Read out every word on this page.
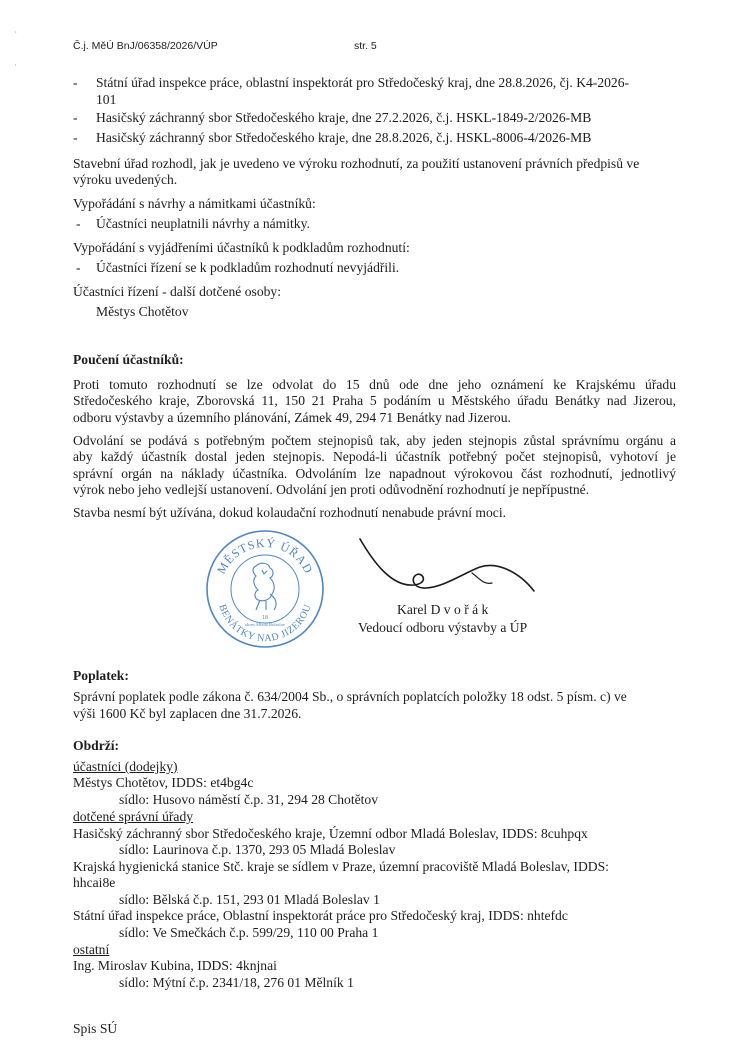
ˋ
·
Č.j. MěÚ BnJ/06358/2026/VÚP	str. 5
- Státní úřad inspekce práce, oblastní inspektorát pro Středočeský kraj, dne 28.8.2026, čj. K4-2026-
101
- Hasičský záchranný sbor Středočeského kraje, dne 27.2.2026, č.j. HSKL-1849-2/2026-MB
- Hasičský záchranný sbor Středočeského kraje, dne 28.8.2026, č.j. HSKL-8006-4/2026-MB
Stavební úřad rozhodl, jak je uvedeno ve výroku rozhodnutí, za použití ustanovení právních předpisů ve
výroku uvedených.
Vypořádání s návrhy a námitkami účastníků:
- Účastníci neuplatnili návrhy a námitky.
Vypořádání s vyjádřeními účastníků k podkladům rozhodnutí:
- Účastníci řízení se k podkladům rozhodnutí nevyjádřili.
Účastníci řízení - další dotčené osoby:
Městys Chotětov
Poučení účastníků:
Proti tomuto rozhodnutí se lze odvolat do 15 dnů ode dne jeho oznámení ke Krajskému úřadu
Středočeského kraje, Zborovská 11, 150 21 Praha 5 podáním u Městského úřadu Benátky nad Jizerou,
odboru výstavby a územního plánování, Zámek 49, 294 71 Benátky nad Jizerou.
Odvolání se podává s potřebným počtem stejnopisů tak, aby jeden stejnopis zůstal správnímu orgánu a
aby každý účastník dostal jeden stejnopis. Nepodá-li účastník potřebný počet stejnopisů, vyhotoví je
správní orgán na náklady účastníka. Odvoláním lze napadnout výrokovou část rozhodnutí, jednotlivý
výrok nebo jeho vedlejší ustanovení. Odvolání jen proti odůvodnění rozhodnutí je nepřípustné.
Stavba nesmí být užívána, dokud kolaudační rozhodnutí nenabude právní moci.
MĚSTSKÝ ÚŘAD
BENÁTKY NAD JIZEROU
18
okres Mladá Boleslav
Karel D v o ř á k
Vedoucí odboru výstavby a ÚP
Poplatek:
Správní poplatek podle zákona č. 634/2004 Sb., o správních poplatcích položky 18 odst. 5 písm. c) ve
výši 1600 Kč byl zaplacen dne 31.7.2026.
Obdrží:
účastníci (dodejky)
Městys Chotětov, IDDS: et4bg4c
sídlo: Husovo náměstí č.p. 31, 294 28 Chotětov
dotčené správní úřady
Hasičský záchranný sbor Středočeského kraje, Územní odbor Mladá Boleslav, IDDS: 8cuhpqx
sídlo: Laurinova č.p. 1370, 293 05 Mladá Boleslav
Krajská hygienická stanice Stč. kraje se sídlem v Praze, územní pracoviště Mladá Boleslav, IDDS:
hhcai8e
sídlo: Bělská č.p. 151, 293 01 Mladá Boleslav 1
Státní úřad inspekce práce, Oblastní inspektorát práce pro Středočeský kraj, IDDS: nhtefdc
sídlo: Ve Smečkách č.p. 599/29, 110 00 Praha 1
ostatní
Ing. Miroslav Kubina, IDDS: 4knjnai
sídlo: Mýtní č.p. 2341/18, 276 01 Mělník 1
Spis SÚ
